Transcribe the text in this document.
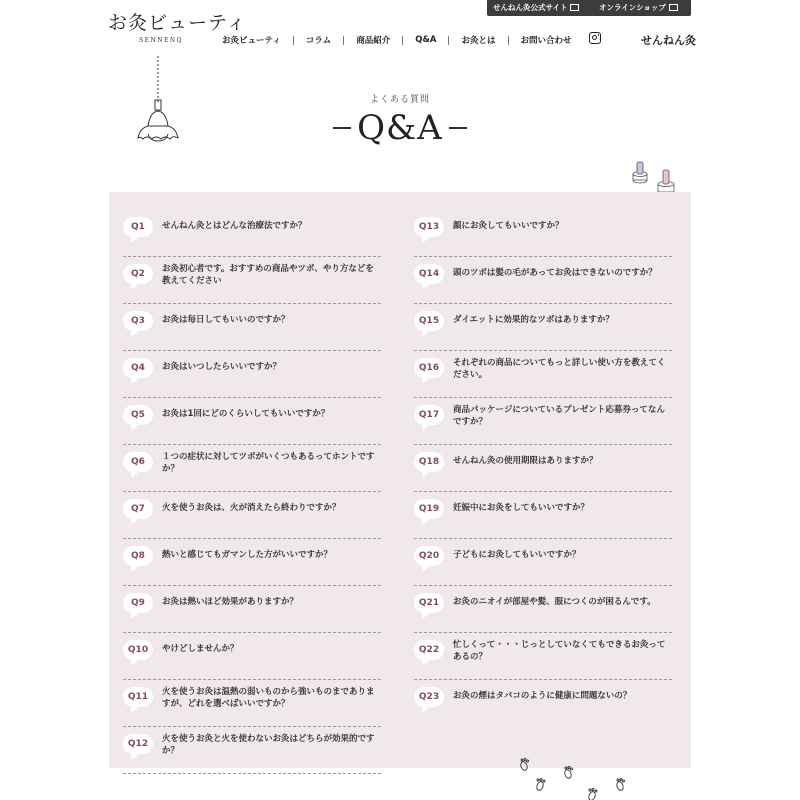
お灸ビューティ
SENNENQ
せんねん灸公式サイト	オンラインショップ
お灸ビューティ	コラム	商品紹介	Q&A	お灸とは	お問い合わせ	せんねん灸
よくある質問
Q&A
Q1	せんねん灸とはどんな治療法ですか？
Q2	お灸初心者です。おすすめの商品やツボ、やり方などを教えてください
Q3	お灸は毎日してもいいのですか？
Q4	お灸はいつしたらいいですか？
Q5	お灸は1回にどのくらいしてもいいですか？
Q6	１つの症状に対してツボがいくつもあるってホントですか？
Q7	火を使うお灸は、火が消えたら終わりですか？
Q8	熱いと感じてもガマンした方がいいですか？
Q9	お灸は熱いほど効果がありますか？
Q10	やけどしませんか？
Q11	火を使うお灸は温熱の弱いものから強いものまでありますが、どれを選べばいいですか？
Q12	火を使うお灸と火を使わないお灸はどちらが効果的ですか？
Q13	顔にお灸してもいいですか？
Q14	頭のツボは髪の毛があってお灸はできないのですか？
Q15	ダイエットに効果的なツボはありますか？
Q16	それぞれの商品についてもっと詳しい使い方を教えてください。
Q17	商品パッケージについているプレゼント応募券ってなんですか？
Q18	せんねん灸の使用期限はありますか？
Q19	妊娠中にお灸をしてもいいですか？
Q20	子どもにお灸してもいいですか？
Q21	お灸のニオイが部屋や髪、服につくのが困るんです。
Q22	忙しくって・・・じっとしていなくてもできるお灸ってあるの？
Q23	お灸の煙はタバコのように健康に問題ないの？
